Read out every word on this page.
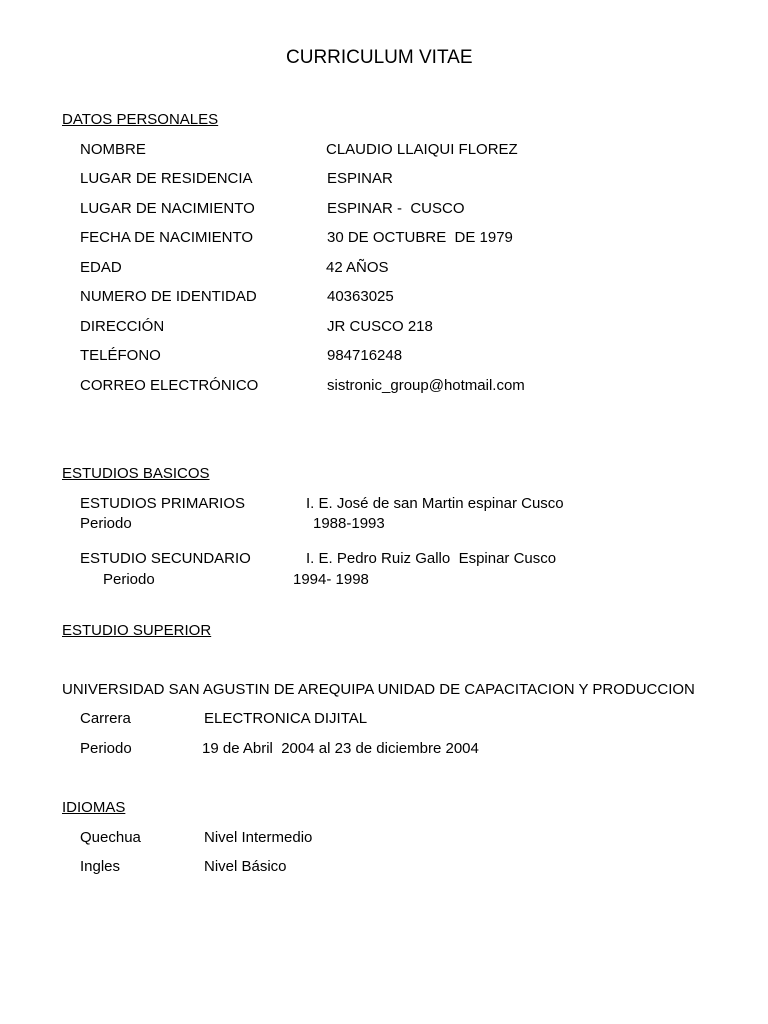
CURRICULUM VITAE
DATOS PERSONALES
NOMBRE	CLAUDIO LLAIQUI FLOREZ
LUGAR DE RESIDENCIA	ESPINAR
LUGAR DE NACIMIENTO	ESPINAR -  CUSCO
FECHA DE NACIMIENTO	30 DE OCTUBRE  DE 1979
EDAD	42 AÑOS
NUMERO DE IDENTIDAD	40363025
DIRECCIÓN	JR CUSCO 218
TELÉFONO	984716248
CORREO ELECTRÓNICO	sistronic_group@hotmail.com
ESTUDIOS BASICOS
ESTUDIOS PRIMARIOS	I. E. José de san Martin espinar Cusco
Periodo	1988-1993
ESTUDIO SECUNDARIO	I. E. Pedro Ruiz Gallo  Espinar Cusco
Periodo	1994- 1998
ESTUDIO SUPERIOR
UNIVERSIDAD SAN AGUSTIN DE AREQUIPA UNIDAD DE CAPACITACION Y PRODUCCION
Carrera	ELECTRONICA DIJITAL
Periodo	19 de Abril  2004 al 23 de diciembre 2004
IDIOMAS
Quechua	Nivel Intermedio
Ingles	Nivel Básico
